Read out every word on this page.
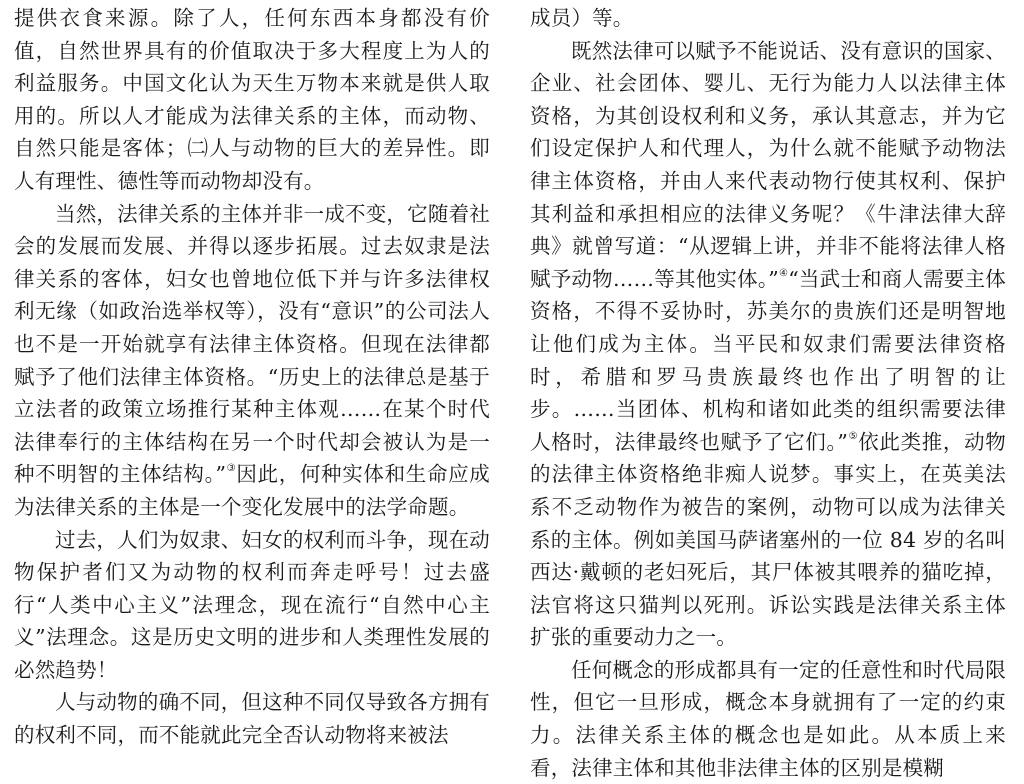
提供衣食来源。除了人，任何东西本身都没有价值，自然世界具有的价值取决于多大程度上为人的利益服务。中国文化认为天生万物本来就是供人取用的。所以人才能成为法律关系的主体，而动物、自然只能是客体；㈡人与动物的巨大的差异性。即人有理性、德性等而动物却没有。

当然，法律关系的主体并非一成不变，它随着社会的发展而发展、并得以逐步拓展。过去奴隶是法律关系的客体，妇女也曾地位低下并与许多法律权利无缘（如政治选举权等），没有“意识”的公司法人也不是一开始就享有法律主体资格。但现在法律都赋予了他们法律主体资格。“历史上的法律总是基于立法者的政策立场推行某种主体观……在某个时代法律奉行的主体结构在另一个时代却会被认为是一种不明智的主体结构。”③因此，何种实体和生命应成为法律关系的主体是一个变化发展中的法学命题。

过去，人们为奴隶、妇女的权利而斗争，现在动物保护者们又为动物的权利而奔走呼号！过去盛行“人类中心主义”法理念，现在流行“自然中心主义”法理念。这是历史文明的进步和人类理性发展的必然趋势！

人与动物的确不同，但这种不同仅导致各方拥有的权利不同，而不能就此完全否认动物将来被法

成员）等。

既然法律可以赋予不能说话、没有意识的国家、企业、社会团体、婴儿、无行为能力人以法律主体资格，为其创设权利和义务，承认其意志，并为它们设定保护人和代理人，为什么就不能赋予动物法律主体资格，并由人来代表动物行使其权利、保护其利益和承担相应的法律义务呢？《牛津法律大辞典》就曾写道：“从逻辑上讲，并非不能将法律人格赋予动物……等其他实体。”④“当武士和商人需要主体资格，不得不妥协时，苏美尔的贵族们还是明智地让他们成为主体。当平民和奴隶们需要法律资格时，希腊和罗马贵族最终也作出了明智的让步。……当团体、机构和诸如此类的组织需要法律人格时，法律最终也赋予了它们。”⑤依此类推，动物的法律主体资格绝非痴人说梦。事实上，在英美法系不乏动物作为被告的案例，动物可以成为法律关系的主体。例如美国马萨诸塞州的一位 84 岁的名叫西达·戴顿的老妇死后，其尸体被其喂养的猫吃掉，法官将这只猫判以死刑。诉讼实践是法律关系主体扩张的重要动力之一。

任何概念的形成都具有一定的任意性和时代局限性，但它一旦形成，概念本身就拥有了一定的约束力。法律关系主体的概念也是如此。从本质上来看，法律主体和其他非法律主体的区别是模糊
